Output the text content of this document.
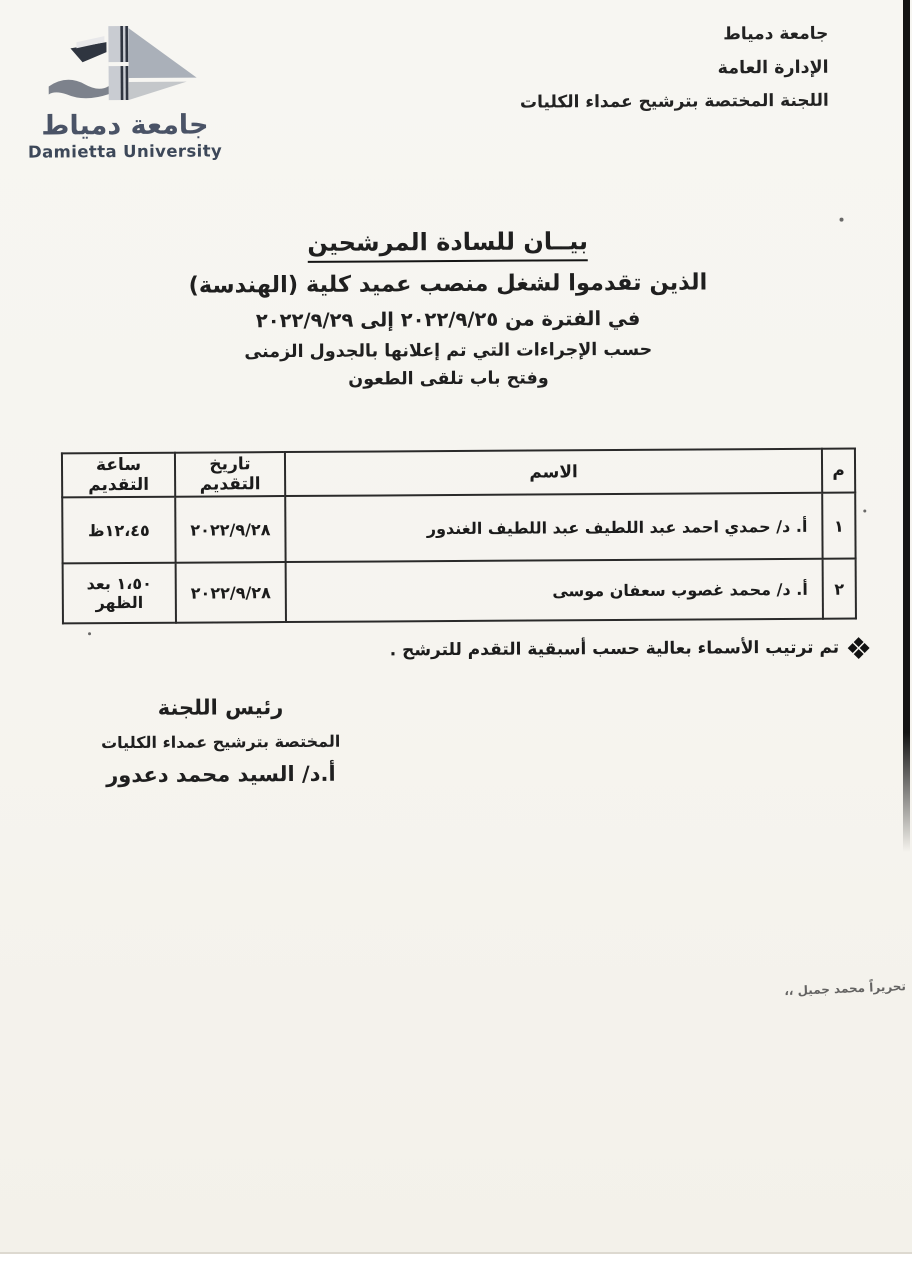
جامعة دمياط
Damietta University
جامعة دمياط
الإدارة العامة
اللجنة المختصة بترشيح عمداء الكليات
بيــان للسادة المرشحين
الذين تقدموا لشغل منصب عميد كلية (الهندسة)
في الفترة من ٢٠٢٢/٩/٢٥ إلى ٢٠٢٢/٩/٢٩
حسب الإجراءات التي تم إعلانها بالجدول الزمنى
وفتح باب تلقى الطعون
م	الاسم	تاريخ التقديم	ساعة التقديم
١	أ. د/ حمدي احمد عبد اللطيف عبد اللطيف الغندور	٢٠٢٢/٩/٢٨	١٢،٤٥ظ
٢	أ. د/ محمد غصوب سعفان موسى	٢٠٢٢/٩/٢٨	١،٥٠ بعد الظهر
تم ترتيب الأسماء بعالية حسب أسبقية التقدم للترشح .
رئيس اللجنة
المختصة بترشيح عمداء الكليات
أ.د/ السيد محمد دعدور
تحريراً محمد جميل ،،
